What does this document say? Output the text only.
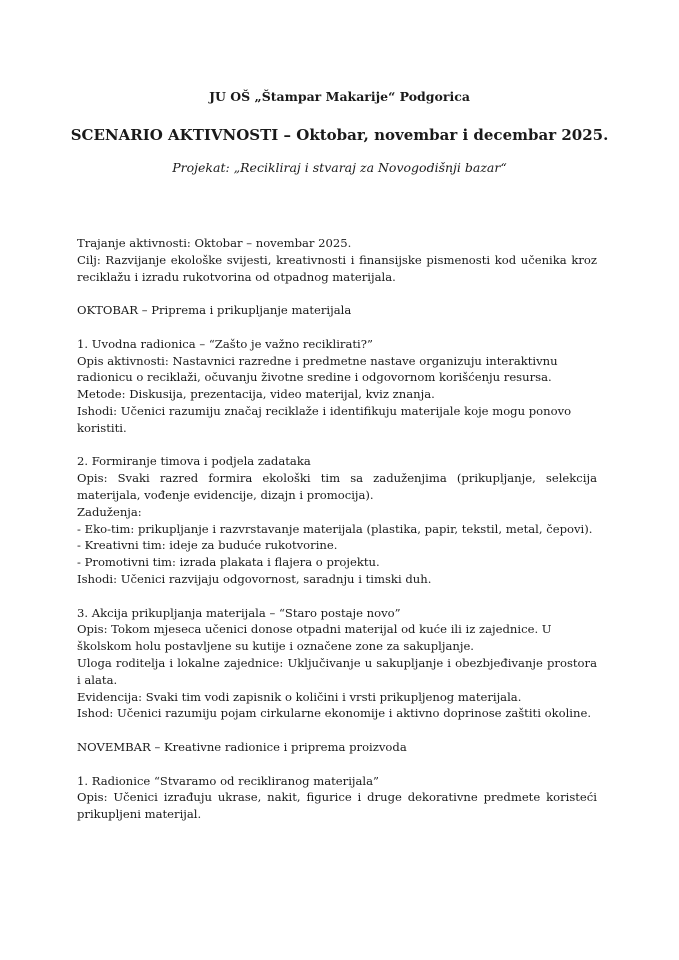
JU OŠ „Štampar Makarije“ Podgorica
SCENARIO AKTIVNOSTI – Oktobar, novembar i decembar 2025.
Projekat: „Recikliraj i stvaraj za Novogodišnji bazar“

Trajanje aktivnosti: Oktobar – novembar 2025.

Cilj: Razvijanje ekološke svijesti, kreativnosti i finansijske pismenosti kod učenika kroz reciklažu i izradu rukotvorina od otpadnog materijala.

OKTOBAR – Priprema i prikupljanje materijala

1. Uvodna radionica – “Zašto je važno reciklirati?”

Opis aktivnosti: Nastavnici razredne i predmetne nastave organizuju interaktivnu radionicu o reciklaži, očuvanju životne sredine i odgovornom korišćenju resursa.

Metode: Diskusija, prezentacija, video materijal, kviz znanja.

Ishodi: Učenici razumiju značaj reciklaže i identifikuju materijale koje mogu ponovo koristiti.

2. Formiranje timova i podjela zadataka

Opis: Svaki razred formira ekološki tim sa zaduženjima (prikupljanje, selekcija materijala, vođenje evidencije, dizajn i promocija).

Zaduženja:

- Eko-tim: prikupljanje i razvrstavanje materijala (plastika, papir, tekstil, metal, čepovi).

- Kreativni tim: ideje za buduće rukotvorine.

- Promotivni tim: izrada plakata i flajera o projektu.

Ishodi: Učenici razvijaju odgovornost, saradnju i timski duh.

3. Akcija prikupljanja materijala – “Staro postaje novo”

Opis: Tokom mjeseca učenici donose otpadni materijal od kuće ili iz zajednice. U školskom holu postavljene su kutije i označene zone za sakupljanje.

Uloga roditelja i lokalne zajednice: Uključivanje u sakupljanje i obezbjeđivanje prostora i alata.

Evidencija: Svaki tim vodi zapisnik o količini i vrsti prikupljenog materijala.

Ishod: Učenici razumiju pojam cirkularne ekonomije i aktivno doprinose zaštiti okoline.

NOVEMBAR – Kreativne radionice i priprema proizvoda

1. Radionice “Stvaramo od recikliranog materijala”

Opis: Učenici izrađuju ukrase, nakit, figurice i druge dekorativne predmete koristeći prikupljeni materijal.
